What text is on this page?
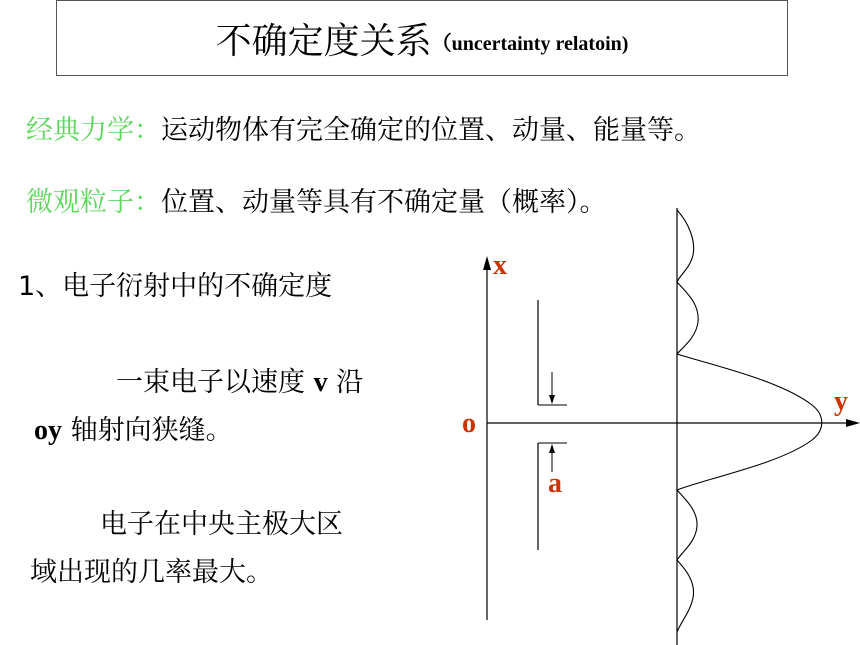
不确定度关系 （uncertainty relatoin)
经典力学：运动物体有完全确定的位置、动量、能量等。
微观粒子：位置、动量等具有不确定量（概率）。
1、电子衍射中的不确定度
一束电子以速度 v 沿
oy 轴射向狭缝。
电子在中央主极大区
域出现的几率最大。
x
y
o
a
